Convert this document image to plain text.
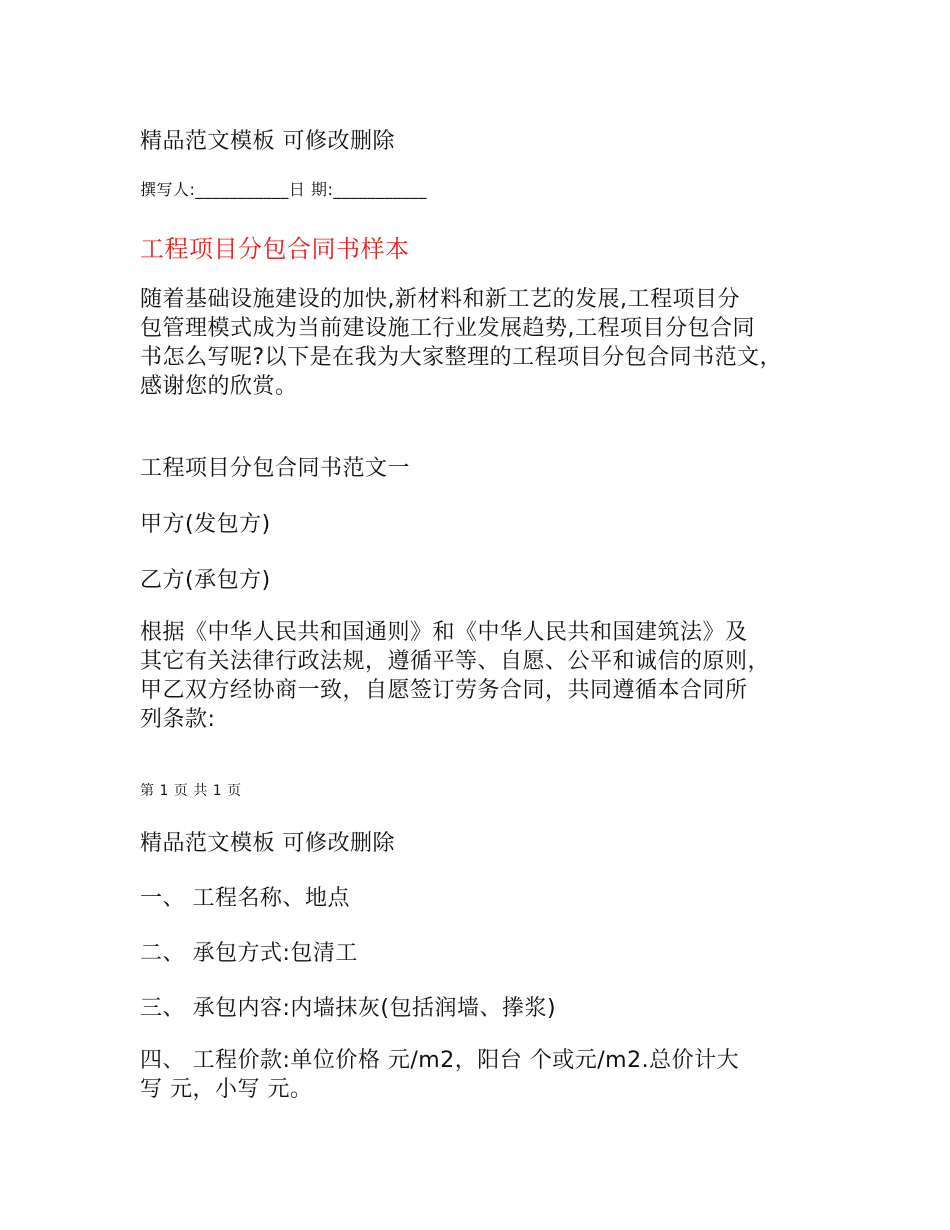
精品范文模板 可修改删除
撰写人:___________日 期:___________
工程项目分包合同书样本
随着基础设施建设的加快,新材料和新工艺的发展,工程项目分
包管理模式成为当前建设施工行业发展趋势,工程项目分包合同
书怎么写呢?以下是在我为大家整理的工程项目分包合同书范文，
感谢您的欣赏。
工程项目分包合同书范文一
甲方(发包方)
乙方(承包方)
根据《中华人民共和国通则》和《中华人民共和国建筑法》及
其它有关法律行政法规，遵循平等、自愿、公平和诚信的原则，
甲乙双方经协商一致，自愿签订劳务合同，共同遵循本合同所
列条款:
第 1 页 共 1 页
精品范文模板 可修改删除
一、 工程名称、地点
二、 承包方式:包清工
三、 承包内容:内墙抹灰(包括润墙、搼浆)
四、 工程价款:单位价格 元/m2，阳台 个或元/m2.总价计大
写 元，小写 元。
